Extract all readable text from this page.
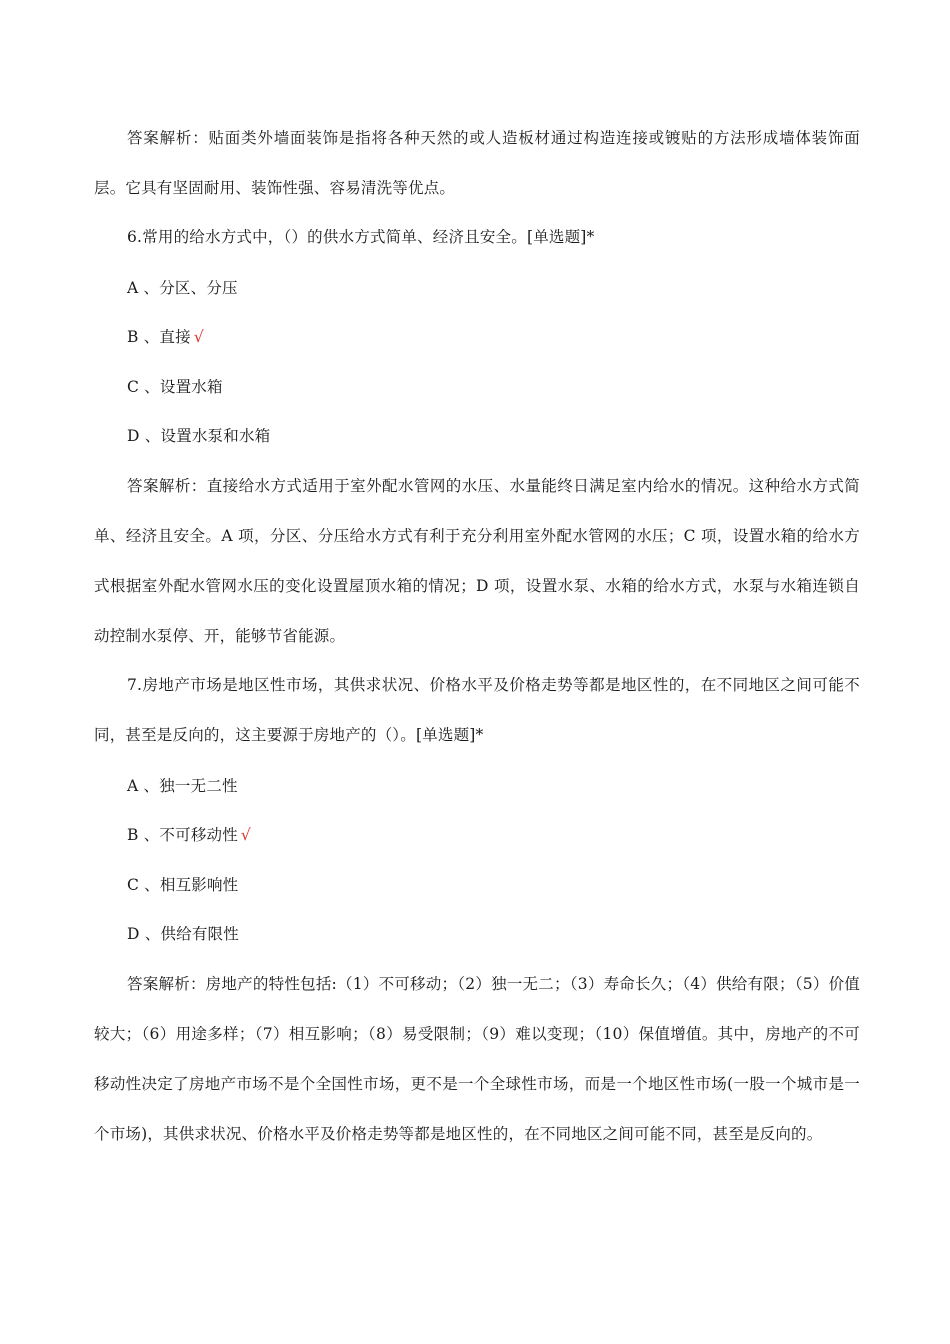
答案解析：贴面类外墙面装饰是指将各种天然的或人造板材通过构造连接或镀贴的方法形成墙体装饰面层。它具有坚固耐用、装饰性强、容易清洗等优点。

6.常用的给水方式中，（）的供水方式简单、经济且安全。[单选题]*

A 、分区、分压

B 、直接 √

C 、设置水箱

D 、设置水泵和水箱

答案解析：直接给水方式适用于室外配水管网的水压、水量能终日满足室内给水的情况。这种给水方式简单、经济且安全。A 项，分区、分压给水方式有利于充分利用室外配水管网的水压；C 项，设置水箱的给水方式根据室外配水管网水压的变化设置屋顶水箱的情况；D 项，设置水泵、水箱的给水方式，水泵与水箱连锁自动控制水泵停、开，能够节省能源。

7.房地产市场是地区性市场，其供求状况、价格水平及价格走势等都是地区性的，在不同地区之间可能不同，甚至是反向的，这主要源于房地产的（）。[单选题]*

A 、独一无二性

B 、不可移动性 √

C 、相互影响性

D 、供给有限性

答案解析：房地产的特性包括:（1）不可移动；（2）独一无二；（3）寿命长久；（4）供给有限；（5）价值较大；（6）用途多样；（7）相互影响；（8）易受限制；（9）难以变现；（10）保值增值。其中，房地产的不可移动性决定了房地产市场不是个全国性市场，更不是一个全球性市场，而是一个地区性市场(一股一个城市是一个市场)，其供求状况、价格水平及价格走势等都是地区性的，在不同地区之间可能不同，甚至是反向的。
